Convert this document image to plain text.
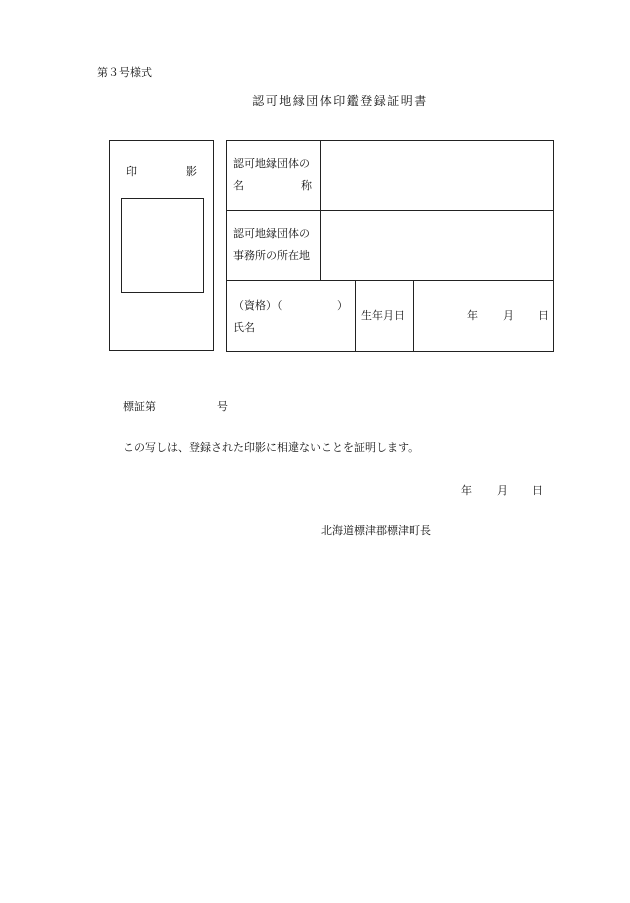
第３号様式
認可地縁団体印鑑登録証明書
印	影
認可地縁団体の
名	称
認可地縁団体の
事務所の所在地
（資格）（	）
氏名
生年月日	年 月 日
標証第	号
この写しは、登録された印影に相違ないことを証明します。
年 月 日
北海道標津郡標津町長
